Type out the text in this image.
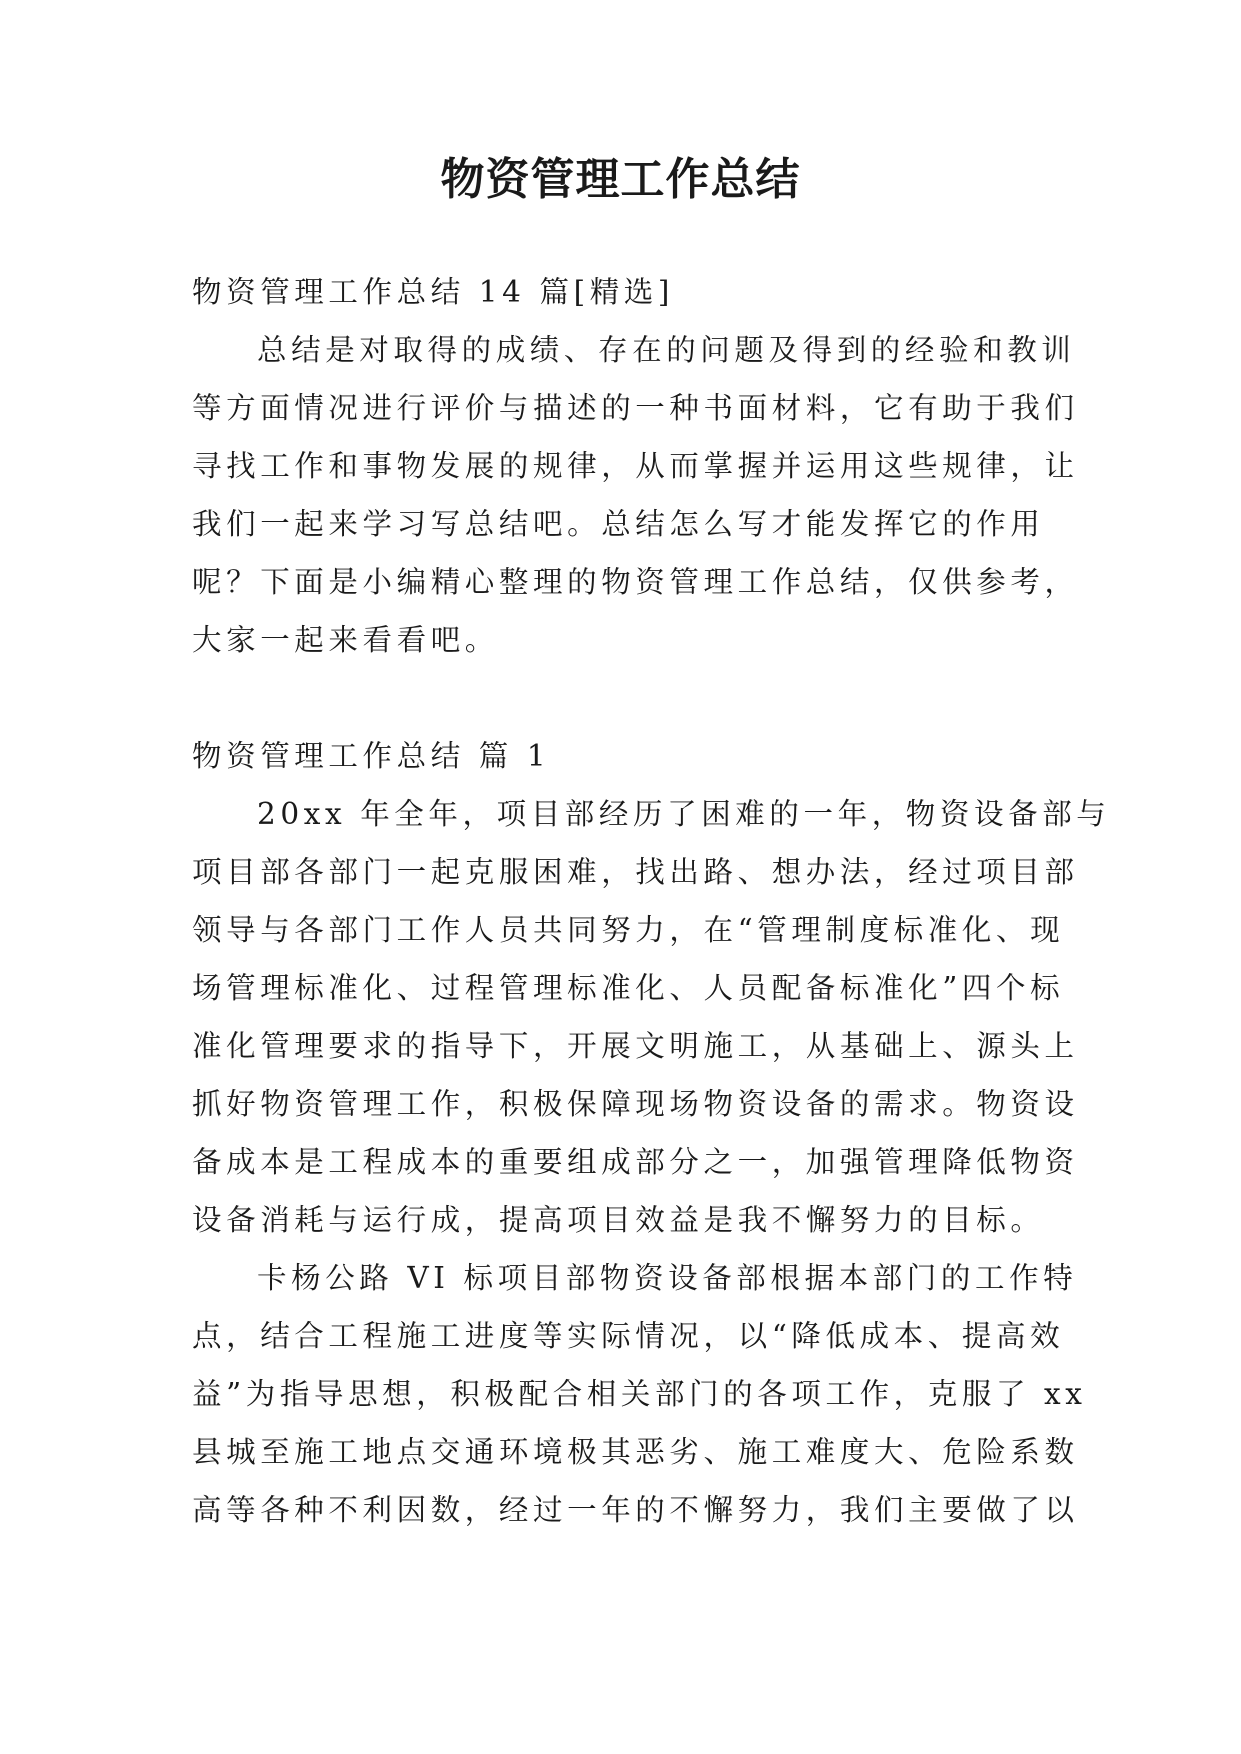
物资管理工作总结

物资管理工作总结 14 篇[精选]

总结是对取得的成绩、存在的问题及得到的经验和教训

等方面情况进行评价与描述的一种书面材料，它有助于我们

寻找工作和事物发展的规律，从而掌握并运用这些规律，让

我们一起来学习写总结吧。总结怎么写才能发挥它的作用

呢？下面是小编精心整理的物资管理工作总结，仅供参考，

大家一起来看看吧。

物资管理工作总结 篇 1

20xx 年全年，项目部经历了困难的一年，物资设备部与

项目部各部门一起克服困难，找出路、想办法，经过项目部

领导与各部门工作人员共同努力，在“管理制度标准化、现

场管理标准化、过程管理标准化、人员配备标准化”四个标

准化管理要求的指导下，开展文明施工，从基础上、源头上

抓好物资管理工作，积极保障现场物资设备的需求。物资设

备成本是工程成本的重要组成部分之一，加强管理降低物资

设备消耗与运行成，提高项目效益是我不懈努力的目标。

卡杨公路 VI 标项目部物资设备部根据本部门的工作特

点，结合工程施工进度等实际情况，以“降低成本、提高效

益”为指导思想，积极配合相关部门的各项工作，克服了 xx

县城至施工地点交通环境极其恶劣、施工难度大、危险系数

高等各种不利因数，经过一年的不懈努力，我们主要做了以
